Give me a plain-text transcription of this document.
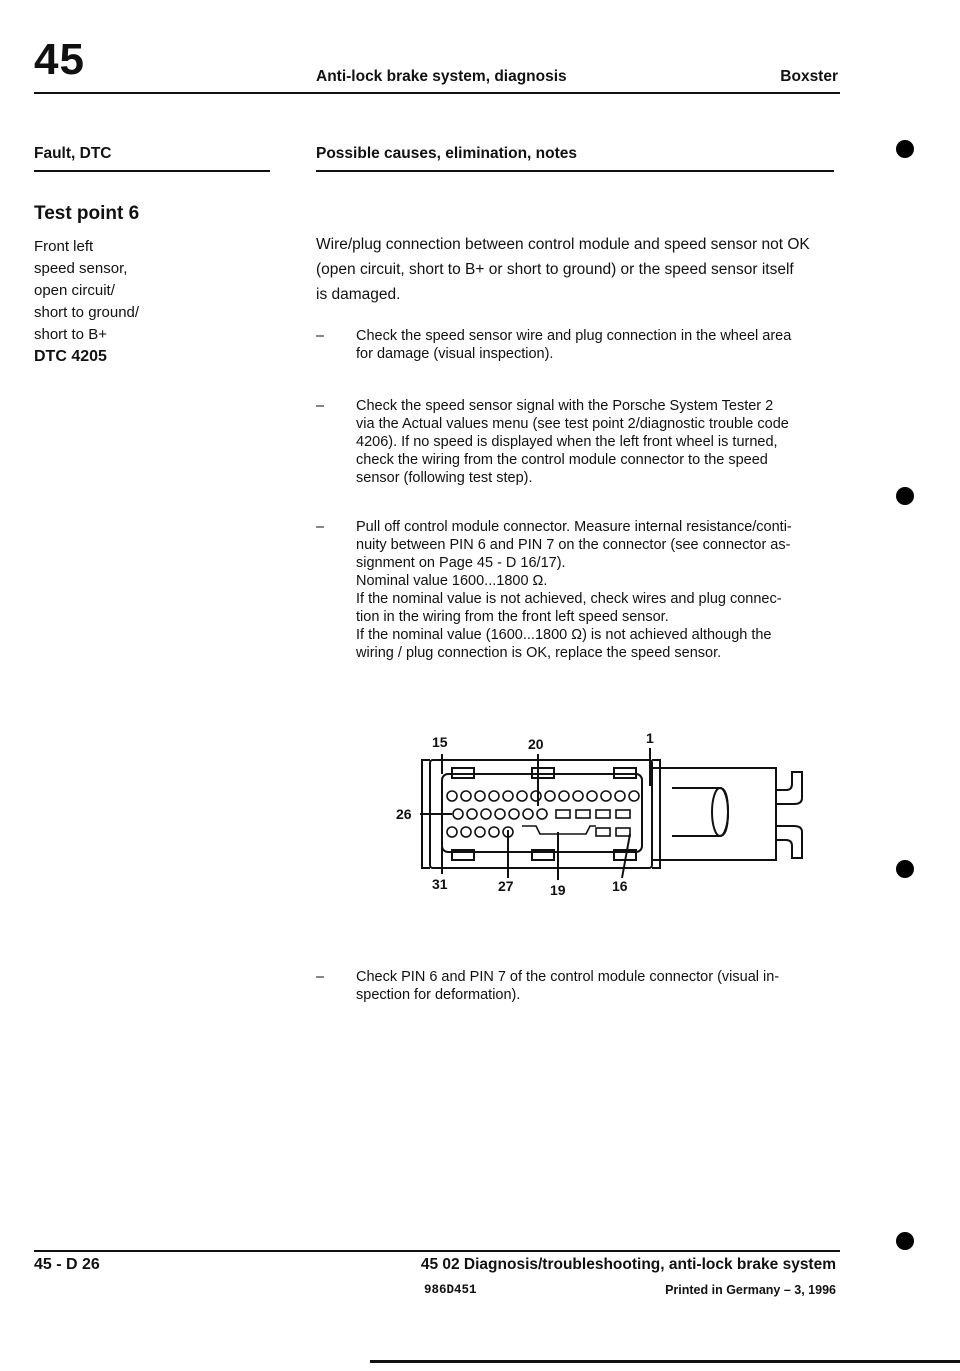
45	Anti-lock brake system, diagnosis	Boxster
Fault, DTC	Possible causes, elimination, notes
Test point 6
Front left
speed sensor,
open circuit/
short to ground/
short to B+
DTC 4205
Wire/plug connection between control module and speed sensor not OK
(open circuit, short to B+ or short to ground) or the speed sensor itself
is damaged.
– Check the speed sensor wire and plug connection in the wheel area
for damage (visual inspection).
– Check the speed sensor signal with the Porsche System Tester 2
via the Actual values menu (see test point 2/diagnostic trouble code
4206). If no speed is displayed when the left front wheel is turned,
check the wiring from the control module connector to the speed
sensor (following test step).
– Pull off control module connector. Measure internal resistance/conti-
nuity between PIN 6 and PIN 7 on the connector (see connector as-
signment on Page 45 - D 16/17).
Nominal value 1600...1800 Ω.
If the nominal value is not achieved, check wires and plug connec-
tion in the wiring from the front left speed sensor.
If the nominal value (1600...1800 Ω) is not achieved although the
wiring / plug connection is OK, replace the speed sensor.
15	20	1
26
31	27	19	16
– Check PIN 6 and PIN 7 of the control module connector (visual in-
spection for deformation).
45 - D 26	45 02 Diagnosis/troubleshooting, anti-lock brake system
986D451	Printed in Germany – 3, 1996
